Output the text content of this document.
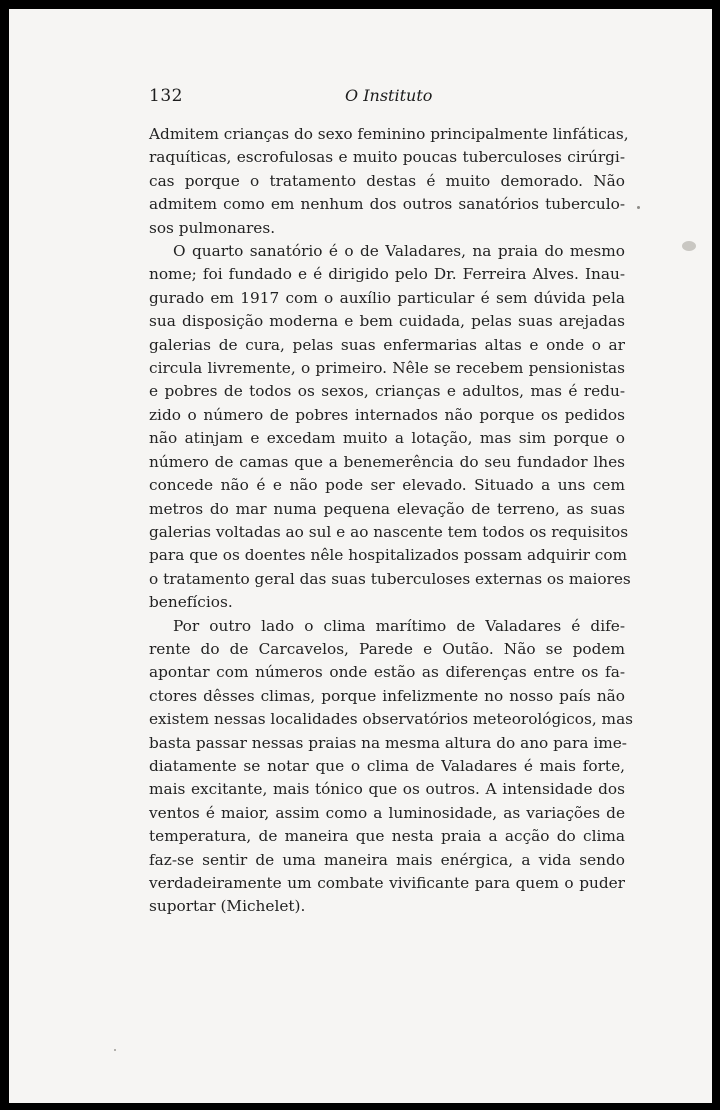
132	O Instituto
Admitem crianças do sexo feminino principalmente linfáticas,
raquíticas, escrofulosas e muito poucas tuberculoses cirúrgi-
cas porque o tratamento destas é muito demorado. Não
admitem como em nenhum dos outros sanatórios tuberculo-
sos pulmonares.
O quarto sanatório é o de Valadares, na praia do mesmo
nome; foi fundado e é dirigido pelo Dr. Ferreira Alves. Inau-
gurado em 1917 com o auxílio particular é sem dúvida pela
sua disposição moderna e bem cuidada, pelas suas arejadas
galerias de cura, pelas suas enfermarias altas e onde o ar
circula livremente, o primeiro. Nêle se recebem pensionistas
e pobres de todos os sexos, crianças e adultos, mas é redu-
zido o número de pobres internados não porque os pedidos
não atinjam e excedam muito a lotação, mas sim porque o
número de camas que a benemerência do seu fundador lhes
concede não é e não pode ser elevado. Situado a uns cem
metros do mar numa pequena elevação de terreno, as suas
galerias voltadas ao sul e ao nascente tem todos os requisitos
para que os doentes nêle hospitalizados possam adquirir com
o tratamento geral das suas tuberculoses externas os maiores
benefícios.
Por outro lado o clima marítimo de Valadares é dife-
rente do de Carcavelos, Parede e Outão. Não se podem
apontar com números onde estão as diferenças entre os fa-
ctores dêsses climas, porque infelizmente no nosso país não
existem nessas localidades observatórios meteorológicos, mas
basta passar nessas praias na mesma altura do ano para ime-
diatamente se notar que o clima de Valadares é mais forte,
mais excitante, mais tónico que os outros. A intensidade dos
ventos é maior, assim como a luminosidade, as variações de
temperatura, de maneira que nesta praia a acção do clima
faz-se sentir de uma maneira mais enérgica, a vida sendo
verdadeiramente um combate vivificante para quem o puder
suportar (Michelet).
